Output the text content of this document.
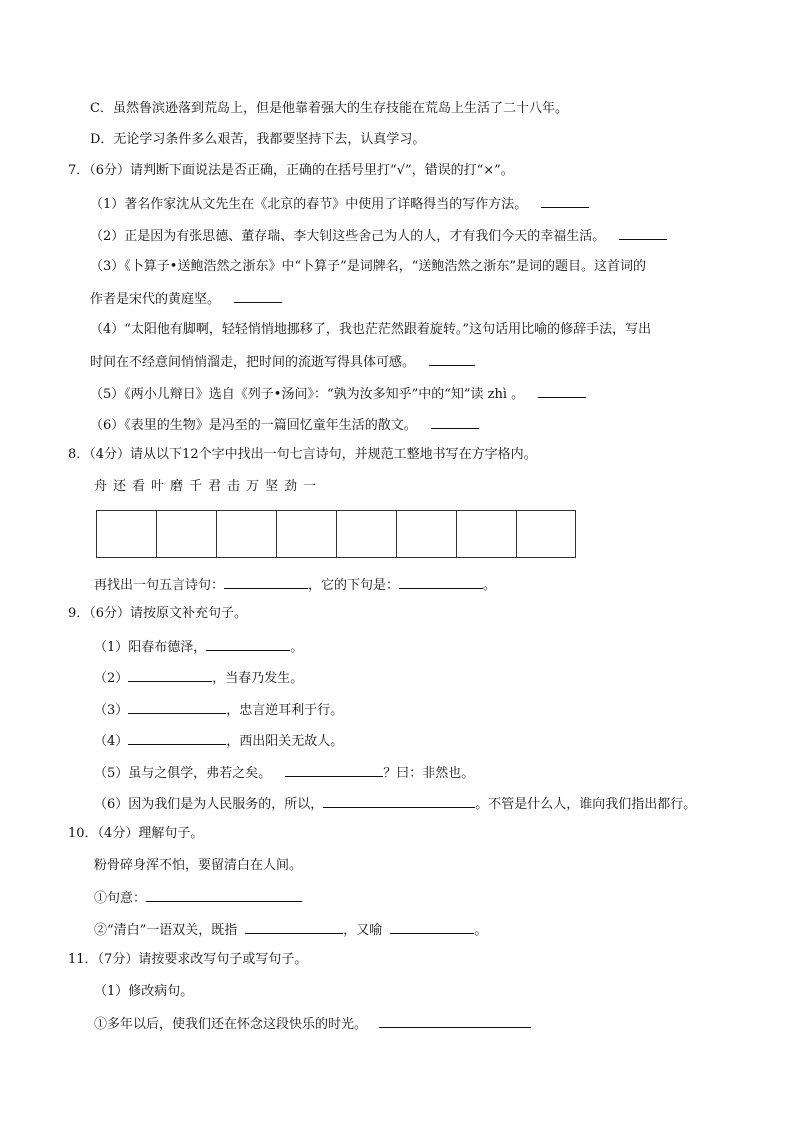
C．虽然鲁滨逊落到荒岛上，但是他靠着强大的生存技能在荒岛上生活了二十八年。
D．无论学习条件多么艰苦，我都要坚持下去，认真学习。
7．（6分）请判断下面说法是否正确，正确的在括号里打“√”，错误的打“×”。
（1）著名作家沈从文先生在《北京的春节》中使用了详略得当的写作方法。
（2）正是因为有张思德、董存瑞、李大钊这些舍己为人的人，才有我们今天的幸福生活。
（3）《卜算子•送鲍浩然之浙东》中“卜算子”是词牌名，“送鲍浩然之浙东”是词的题目。这首词的
作者是宋代的黄庭坚。
（4）“太阳他有脚啊，轻轻悄悄地挪移了，我也茫茫然跟着旋转。”这句话用比喻的修辞手法，写出
时间在不经意间悄悄溜走，把时间的流逝写得具体可感。
（5）《两小儿辩日》选自《列子•汤问》：“孰为汝多知乎”中的“知”读 zhì 。
（6）《表里的生物》是冯至的一篇回忆童年生活的散文。
8．（4分）请从以下12个字中找出一句七言诗句，并规范工整地书写在方字格内。
舟 还 看 叶 磨 千 君 击 万 坚 劲 一
再找出一句五言诗句：	，它的下句是：	。
9．（6分）请按原文补充句子。
（1）阳春布德泽，	。
（2）	，当春乃发生。
（3）	，忠言逆耳利于行。
（4）	，西出阳关无故人。
（5）虽与之俱学，弗若之矣。	？曰：非然也。
（6）因为我们是为人民服务的，所以，	。不管是什么人，谁向我们指出都行。
10．（4分）理解句子。
粉骨碎身浑不怕，要留清白在人间。
①句意：
②“清白”一语双关，既指	，又喻	。
11．（7分）请按要求改写句子或写句子。
（1）修改病句。
①多年以后，使我们还在怀念这段快乐的时光。
